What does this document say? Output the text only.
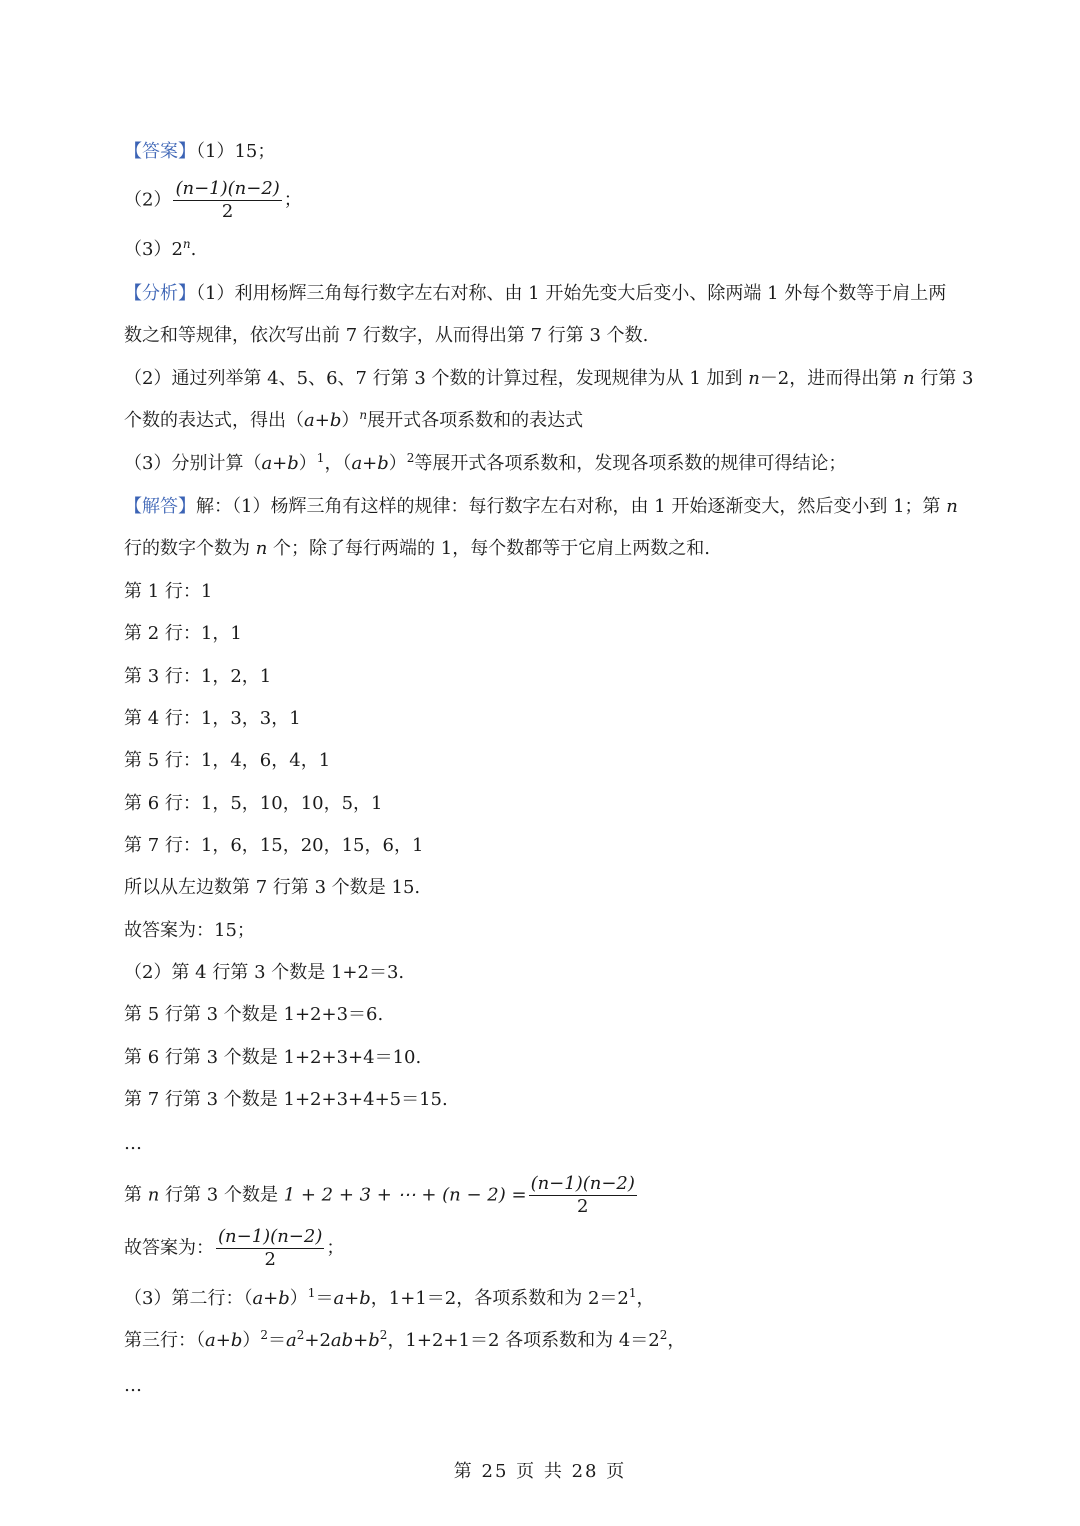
【答案】（1）15；
$(2) \frac{(n-1)(n-2)}{2}$ ；
（3）2$^n$.
【分析】（1）利用杨辉三角每行数字左右对称、由 1 开始先变大后变小、除两端 1 外每个数等于肩上两
数之和等规律，依次写出前 7 行数字，从而得出第 7 行第 3 个数.
（2）通过列举第 4、5、6、7 行第 3 个数的计算过程，发现规律为从 1 加到 n－2，进而得出第 n 行第 3
个数的表达式，得出$(a+b)^n$展开式各项系数和的表达式
（3）分别计算$(a+b)^1$，$(a+b)^2$等展开式各项系数和，发现各项系数的规律可得结论；
【解答】解：（1）杨辉三角有这样的规律：每行数字左右对称，由 1 开始逐渐变大，然后变小到 1；第 n
行的数字个数为 n 个；除了每行两端的 1，每个数都等于它肩上两数之和.
第 1 行：1
第 2 行：1，1
第 3 行：1，2，1
第 4 行：1，3，3，1
第 5 行：1，4，6，4，1
第 6 行：1，5，10，10，5，1
第 7 行：1，6，15，20，15，6，1
所以从左边数第 7 行第 3 个数是 15.
故答案为：15；
（2）第 4 行第 3 个数是 1+2＝3.
第 5 行第 3 个数是 1+2+3＝6.
第 6 行第 3 个数是 1+2+3+4＝10.
第 7 行第 3 个数是 1+2+3+4+5＝15.
…
第 n 行第 3 个数是 1 + 2 + 3 + ⋯ + $(n - 2) = \frac{(n-1)(n-2)}{2}$
故答案为： $\frac{(n-1)(n-2)}{2}$ ；
（3）第二行：$(a+b)^1=a+b$，1+1＝2，各项系数和为 $2=2^1$，
第三行：$(a+b)^2=a^2+2ab+b^2$，1+2+1＝2 各项系数和为 $4=2^2$，
…
第 25 页 共 28 页
